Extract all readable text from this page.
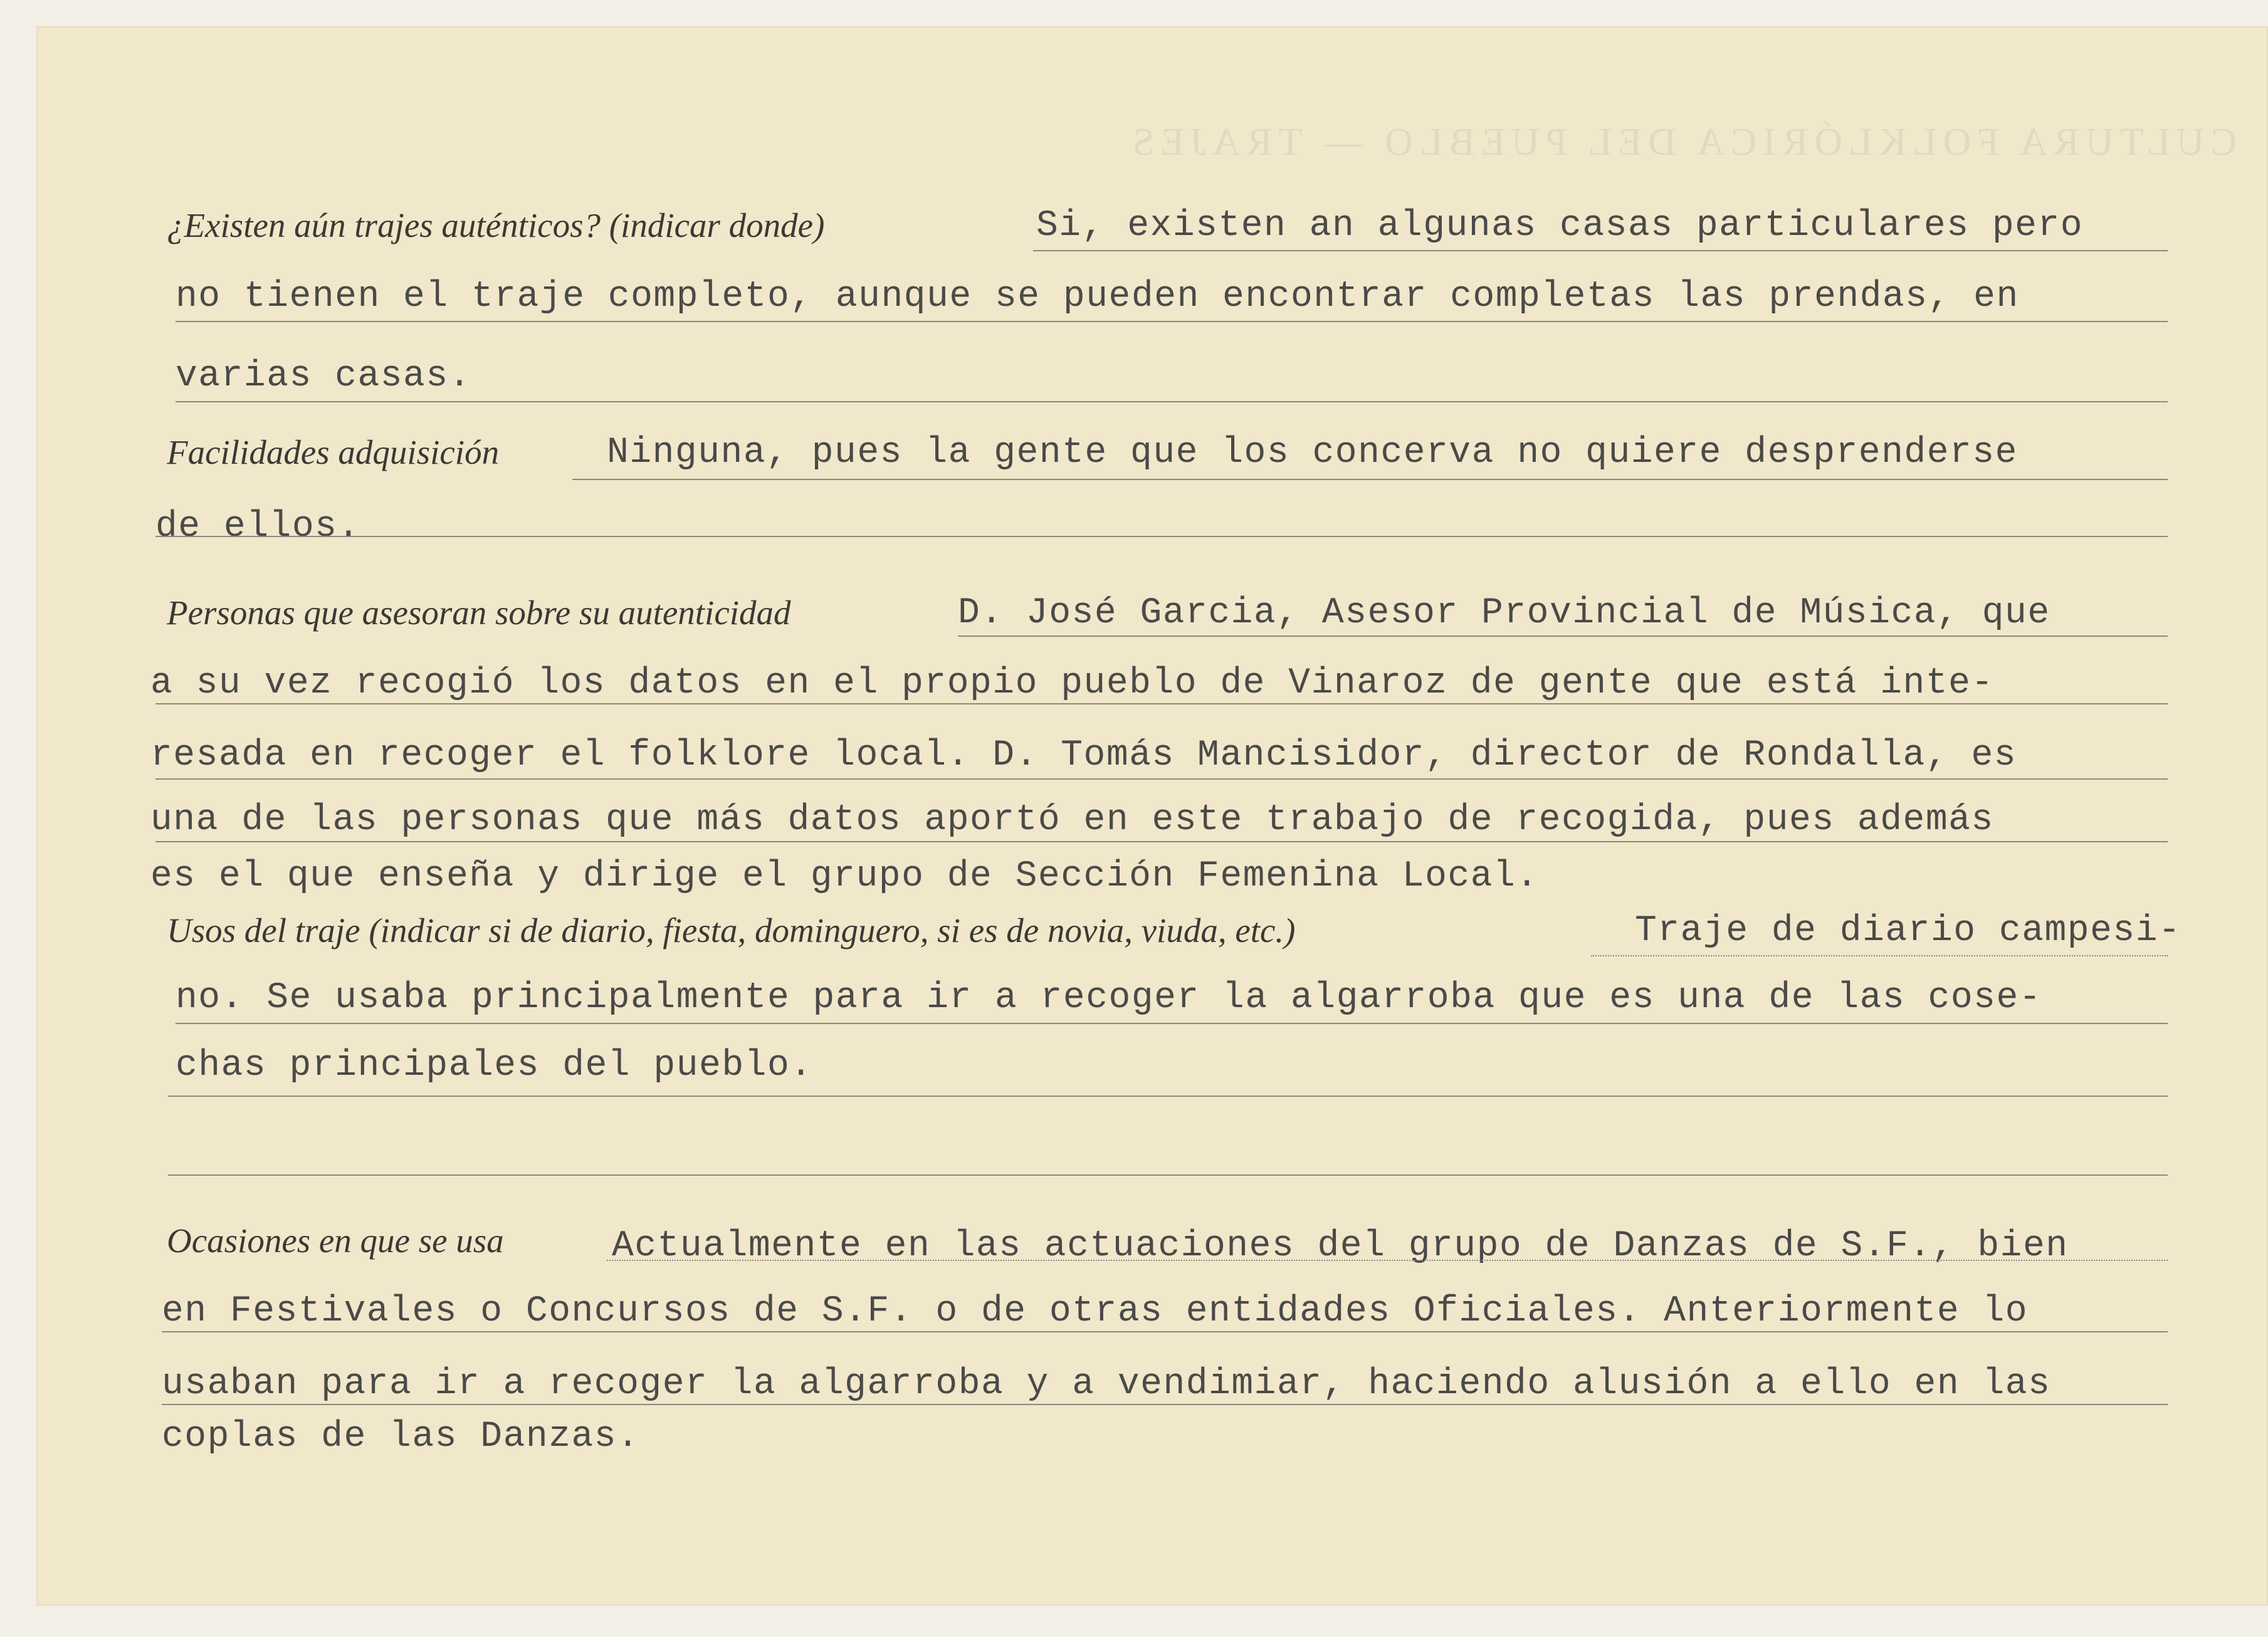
CULTURA FOLKLÓRICA DEL PUEBLO — TRAJES
¿Existen aún trajes auténticos? (indicar donde)	Si, existen an algunas casas particulares pero
no tienen el traje completo, aunque se pueden encontrar completas las prendas, en
varias casas.
Facilidades adquisición	Ninguna, pues la gente que los concerva no quiere desprenderse
de ellos.
Personas que asesoran sobre su autenticidad	D. José Garcia, Asesor Provincial de Música, que
a su vez recogió los datos en el propio pueblo de Vinaroz de gente que está inte-
resada en recoger el folklore local. D. Tomás Mancisidor, director de Rondalla, es
una de las personas que más datos aportó en este trabajo de recogida, pues además
es el que enseña y dirige el grupo de Sección Femenina Local.
Usos del traje (indicar si de diario, fiesta, dominguero, si es de novia, viuda, etc.)	Traje de diario campesi-
no. Se usaba principalmente para ir a recoger la algarroba que es una de las cose-
chas principales del pueblo.
Ocasiones en que se usa	Actualmente en las actuaciones del grupo de Danzas de S.F., bien
en Festivales o Concursos de S.F. o de otras entidades Oficiales. Anteriormente lo
usaban para ir a recoger la algarroba y a vendimiar, haciendo alusión a ello en las
coplas de las Danzas.
